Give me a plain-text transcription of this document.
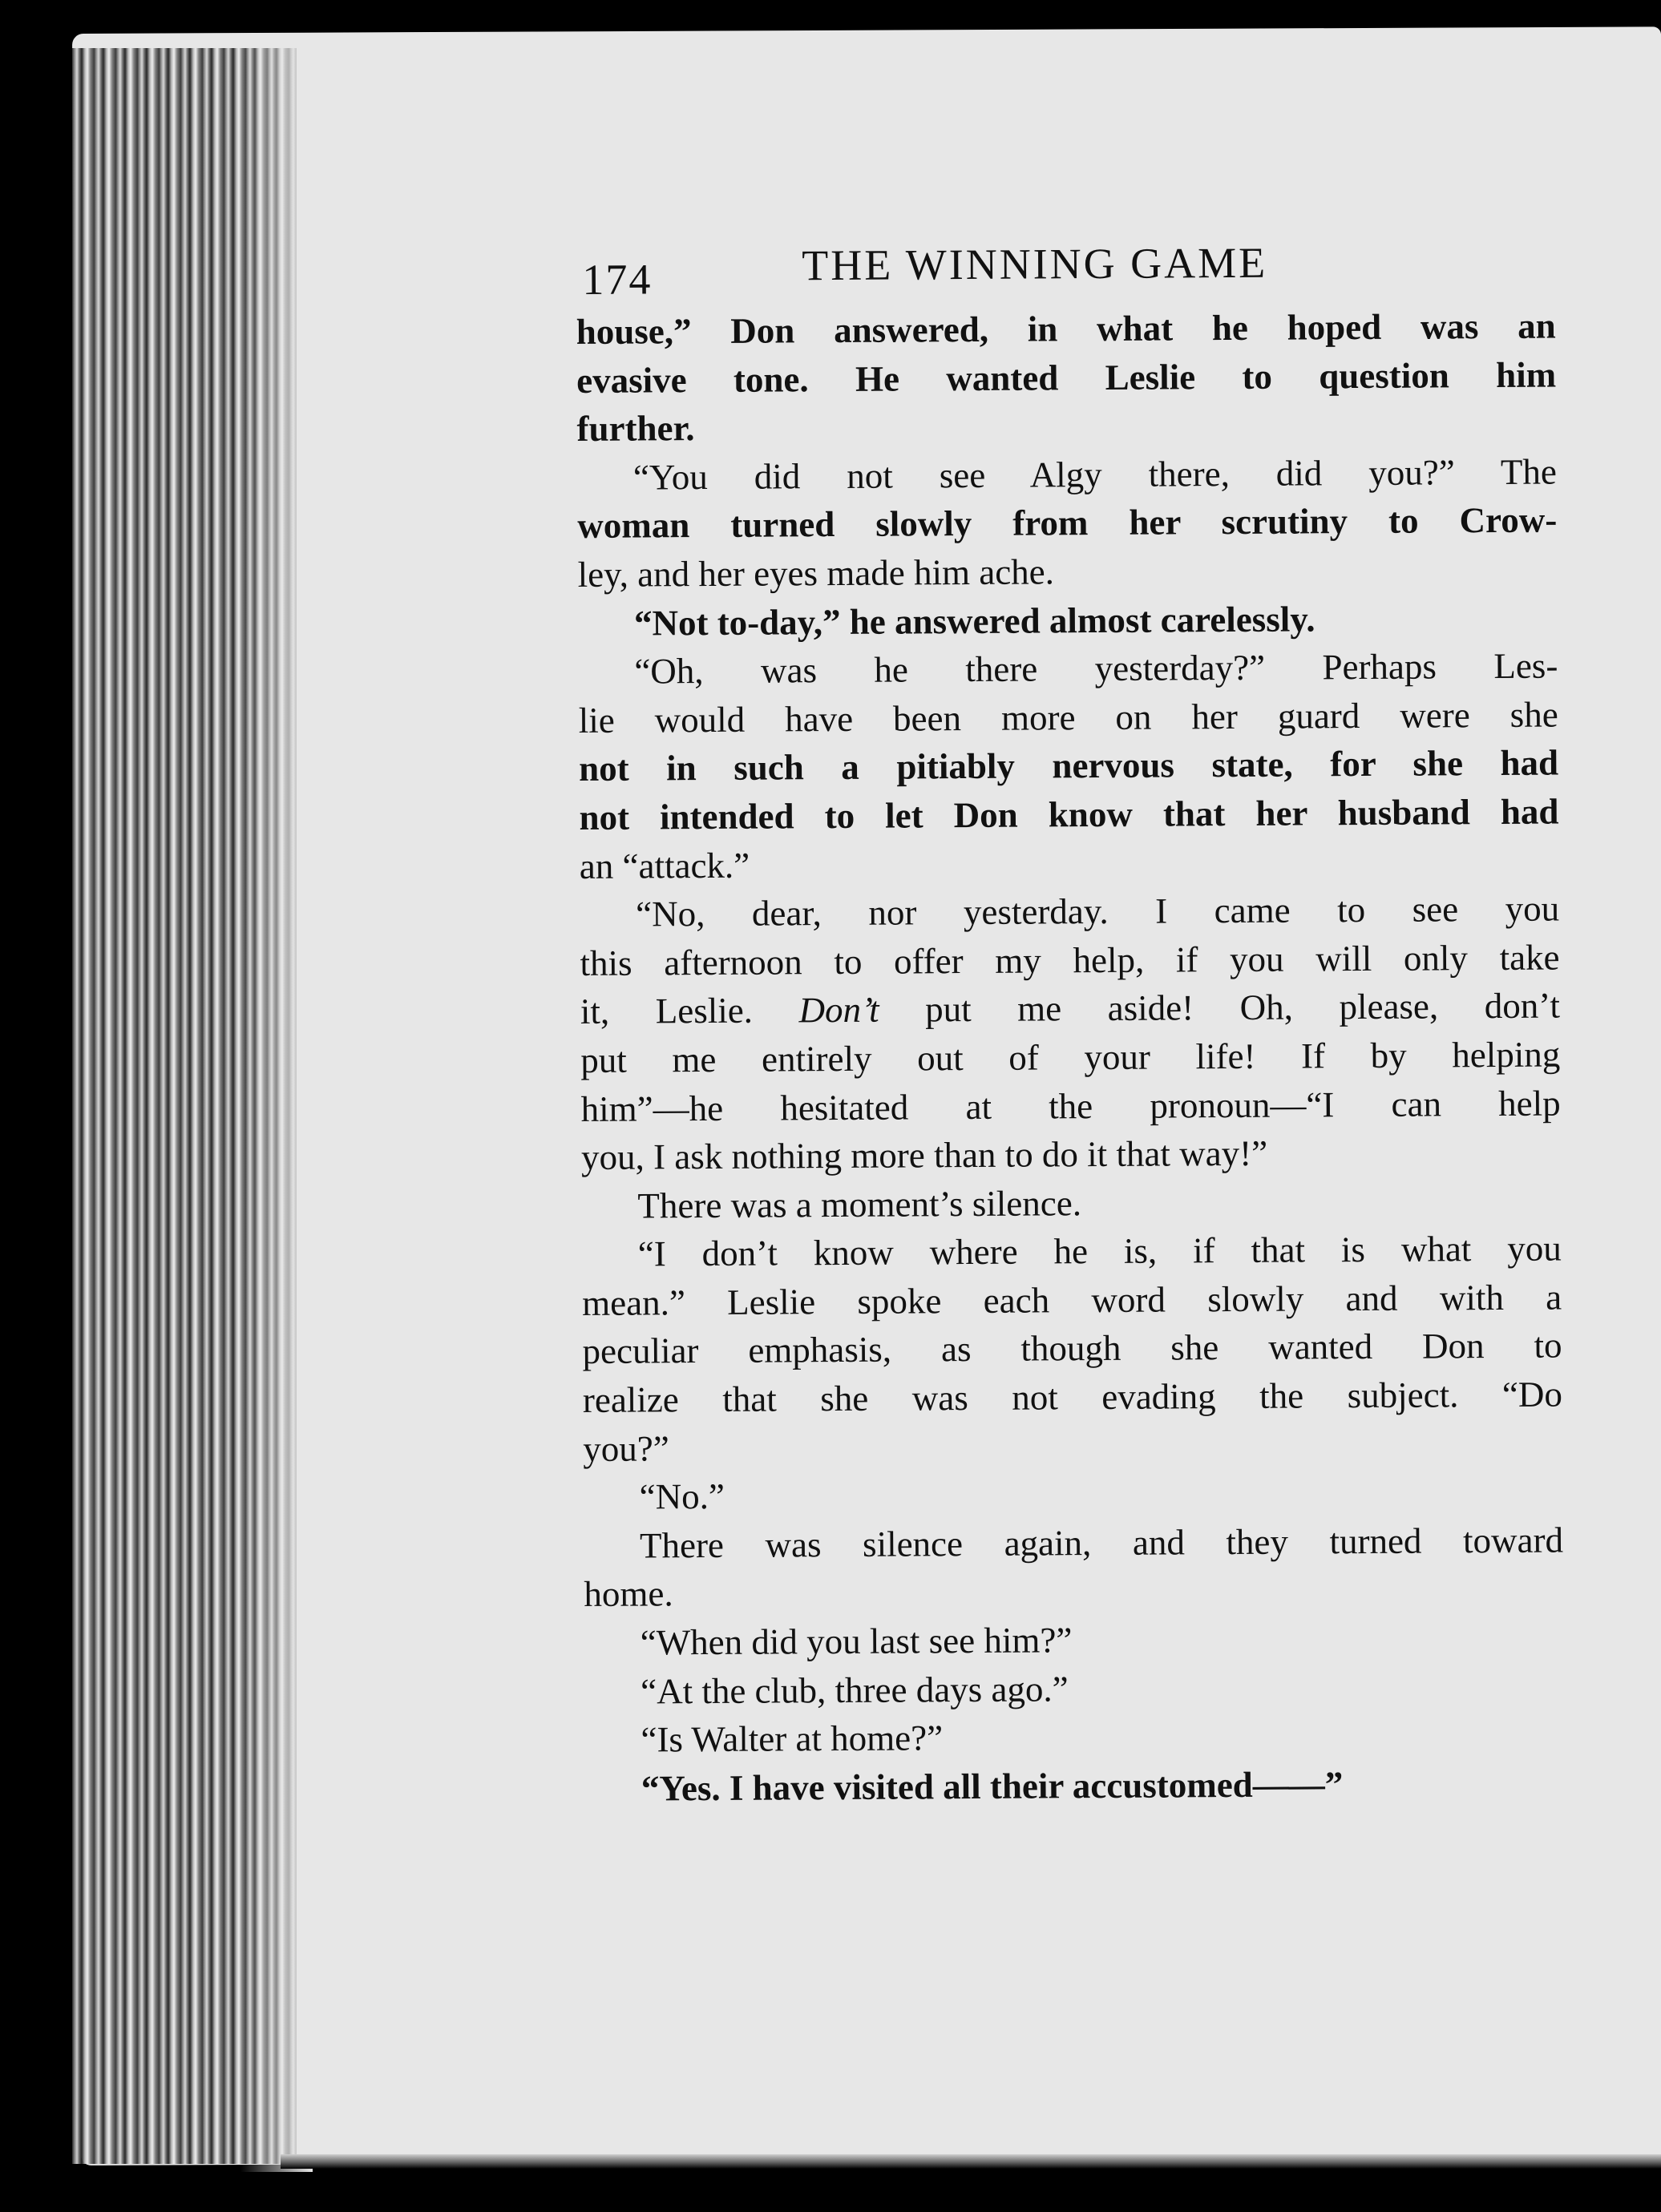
174	THE WINNING GAME
house,” Don answered, in what he hoped was an
evasive tone. He wanted Leslie to question him
further.
“You did not see Algy there, did you?” The
woman turned slowly from her scrutiny to Crow-
ley, and her eyes made him ache.
“Not to-day,” he answered almost carelessly.
“Oh, was he there yesterday?” Perhaps Les-
lie would have been more on her guard were she
not in such a pitiably nervous state, for she had
not intended to let Don know that her husband had
an “attack.”
“No, dear, nor yesterday. I came to see you
this afternoon to offer my help, if you will only take
it, Leslie. Don’t put me aside! Oh, please, don’t
put me entirely out of your life! If by helping
him”—he hesitated at the pronoun—“I can help
you, I ask nothing more than to do it that way!”
There was a moment’s silence.
“I don’t know where he is, if that is what you
mean.” Leslie spoke each word slowly and with a
peculiar emphasis, as though she wanted Don to
realize that she was not evading the subject. “Do
you?”
“No.”
There was silence again, and they turned toward
home.
“When did you last see him?”
“At the club, three days ago.”
“Is Walter at home?”
“Yes. I have visited all their accustomed——”
